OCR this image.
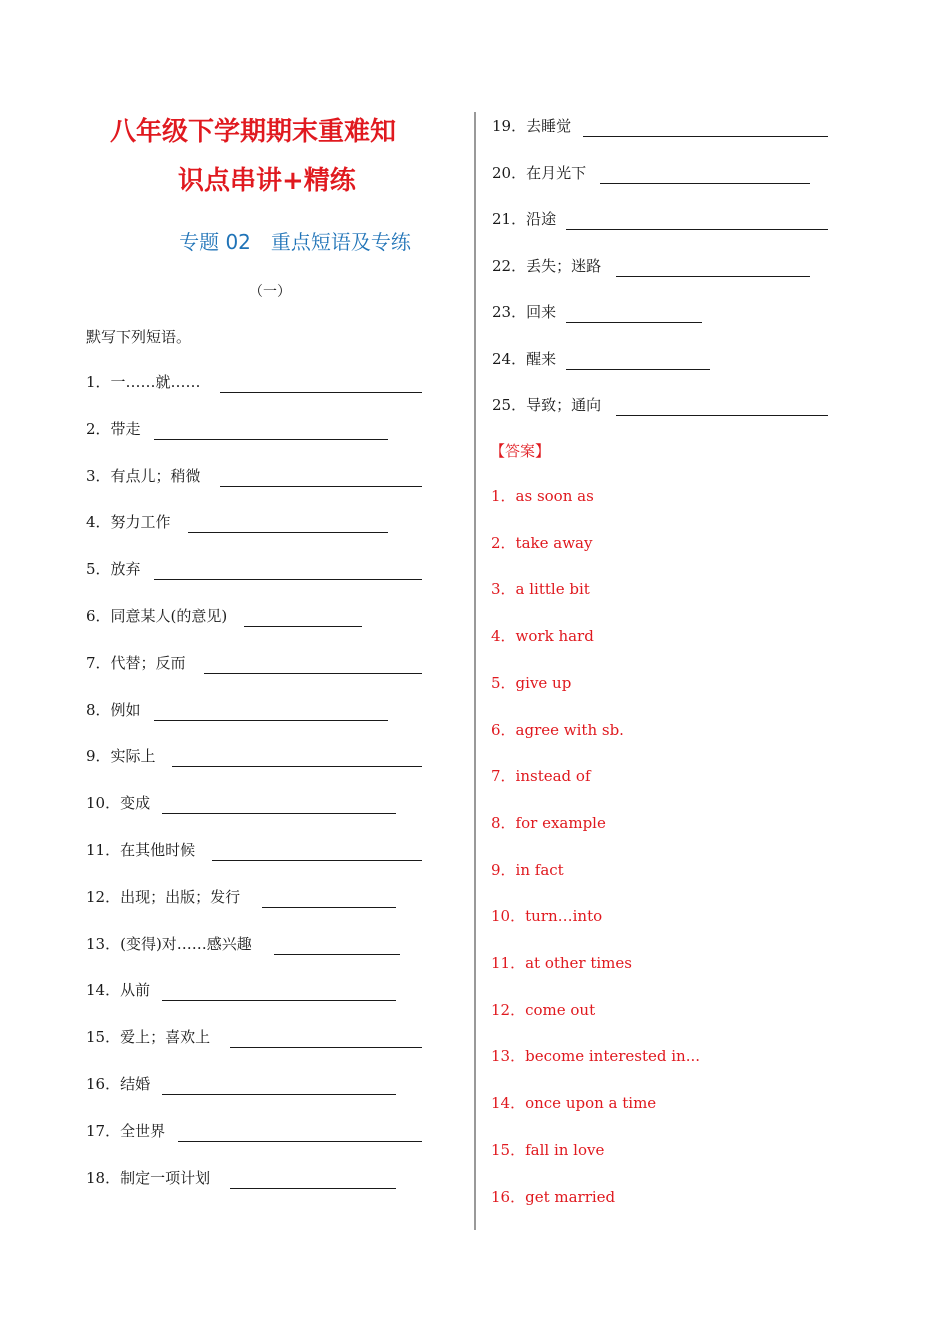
八年级下学期期末重难知
识点串讲+精练
专题 02　重点短语及专练
（一）
默写下列短语。
1．一……就……
2．带走
3．有点儿；稍微
4．努力工作
5．放弃
6．同意某人(的意见)
7．代替；反而
8．例如
9．实际上
10．变成
11．在其他时候
12．出现；出版；发行
13．(变得)对……感兴趣
14．从前
15．爱上；喜欢上
16．结婚
17．全世界
18．制定一项计划
19．去睡觉
20．在月光下
21．沿途
22．丢失；迷路
23．回来
24．醒来
25．导致；通向
【答案】
1．as soon as
2．take away
3．a little bit
4．work hard
5．give up
6．agree with sb.
7．instead of
8．for example
9．in fact
10．turn…into
11．at other times
12．come out
13．become interested in...
14．once upon a time
15．fall in love
16．get married
